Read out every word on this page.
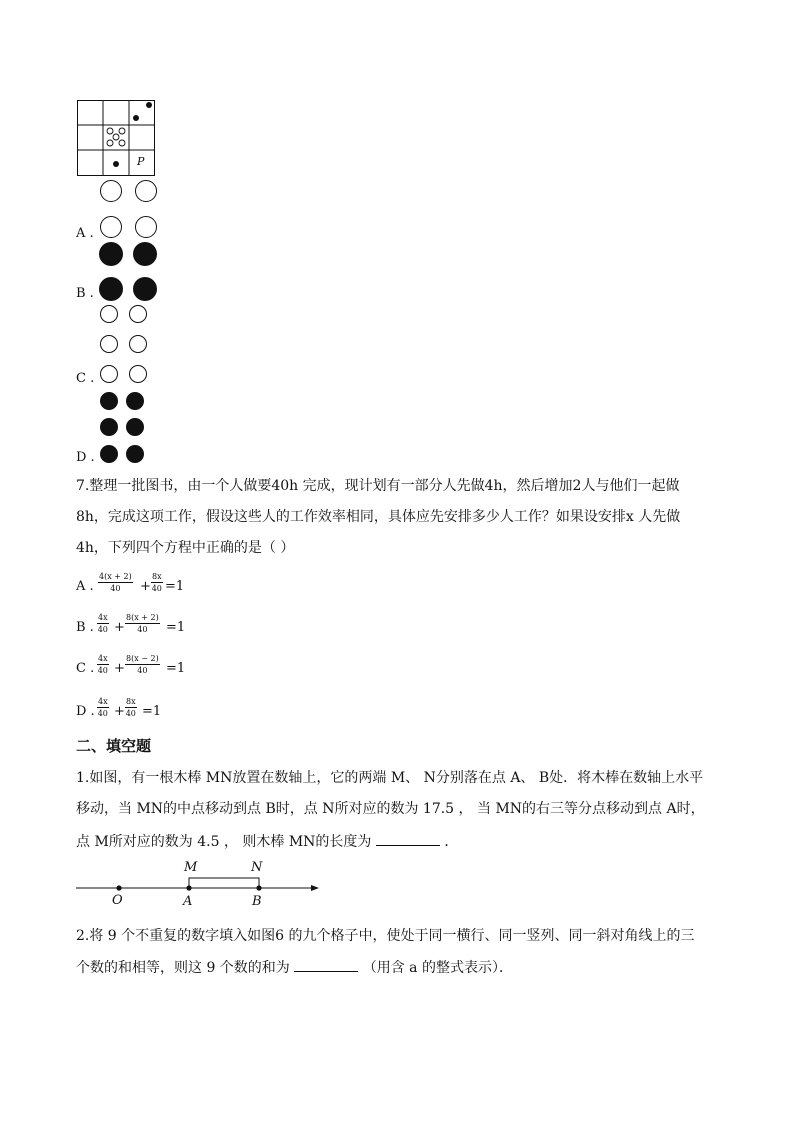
P
A .
B .
C .
D .
7.整理一批图书，由一个人做要40h 完成，现计划有一部分人先做4h，然后增加2人与他们一起做
8h，完成这项工作，假设这些人的工作效率相同，具体应先安排多少人工作？如果设安排x 人先做
4h，下列四个方程中正确的是（ ）
A . $\frac{4(x + 2)}{40} + \frac{8x}{40} =1$
B . $\frac{4x}{40} + \frac{8(x + 2)}{40} =1$
C . $\frac{4x}{40} + \frac{8(x - 2)}{40} =1$
D . $\frac{4x}{40} + \frac{8x}{40} =1$
二、填空题
1.如图，有一根木棒 MN放置在数轴上，它的两端 M、 N分别落在点 A、 B处．将木棒在数轴上水平
移动，当 MN的中点移动到点 B时，点 N所对应的数为 17.5 ， 当 MN的右三等分点移动到点 A时，
点 M所对应的数为 4.5 ， 则木棒 MN的长度为	．
M	N
O	A	B
2.将 9 个不重复的数字填入如图6 的九个格子中，使处于同一横行、同一竖列、同一斜对角线上的三
个数的和相等，则这 9 个数的和为	（用含 a 的整式表示）．
